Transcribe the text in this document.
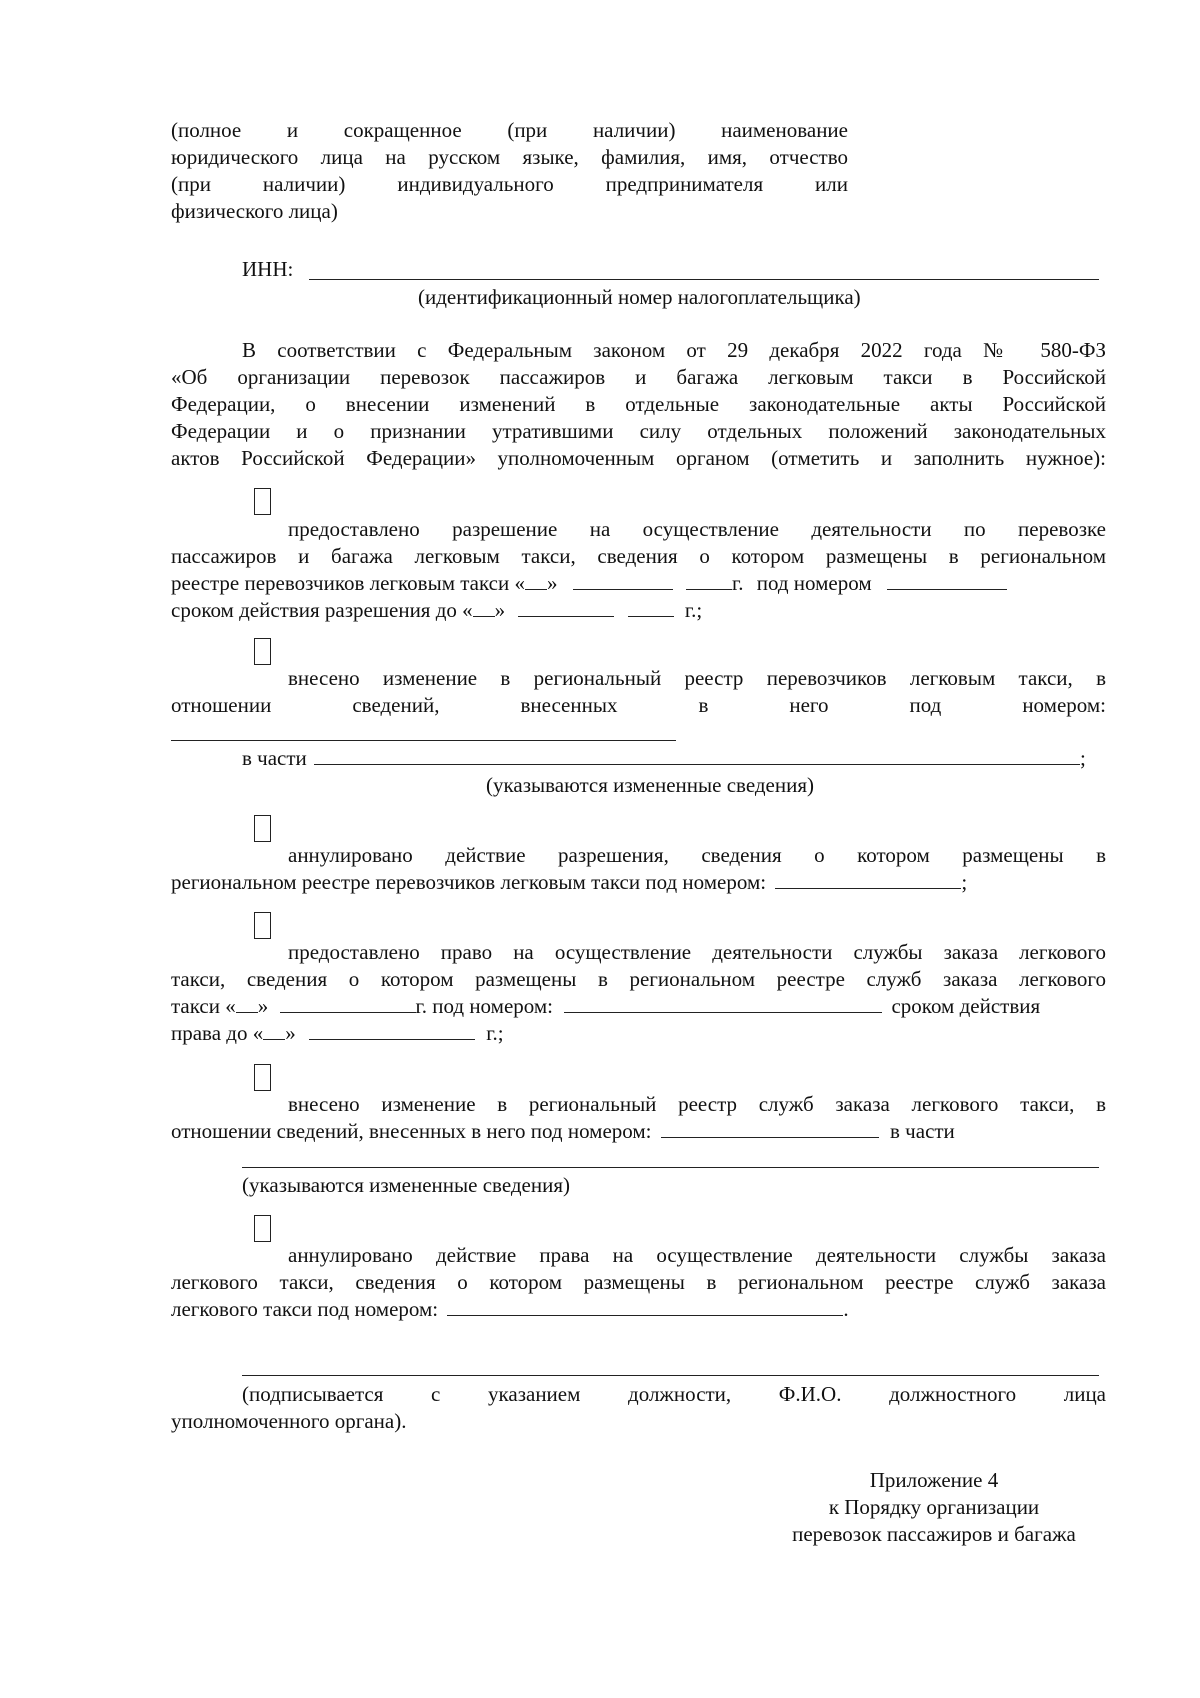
(полное и сокращенное (при наличии) наименование

юридического лица на русском языке, фамилия, имя, отчество

(при наличии) индивидуального предпринимателя или

физического лица)

ИНН:

(идентификационный номер налогоплательщика)

В соответствии с Федеральным законом от 29 декабря 2022 года № 580-ФЗ

«Об организации перевозок пассажиров и багажа легковым такси в Российской

Федерации, о внесении изменений в отдельные законодательные акты Российской

Федерации и о признании утратившими силу отдельных положений законодательных

актов Российской Федерации» уполномоченным органом (отметить и заполнить нужное):

предоставлено разрешение на осуществление деятельности по перевозке

пассажиров и багажа легковым такси, сведения о котором размещены в региональном

реестре перевозчиков легковым такси « »	г. под номером

сроком действия разрешения до « »	г.;

внесено изменение в региональный реестр перевозчиков легковым такси, в

отношении сведений, внесенных в него под номером:

в части	;

(указываются измененные сведения)

аннулировано действие разрешения, сведения о котором размещены в

региональном реестре перевозчиков легковым такси под номером:	;

предоставлено право на осуществление деятельности службы заказа легкового

такси, сведения о котором размещены в региональном реестре служб заказа легкового

такси « »	г. под номером:	сроком действия

права до « »	г.;

внесено изменение в региональный реестр служб заказа легкового такси, в

отношении сведений, внесенных в него под номером:	в части

(указываются измененные сведения)

аннулировано действие права на осуществление деятельности службы заказа

легкового такси, сведения о котором размещены в региональном реестре служб заказа

легкового такси под номером:	.

(подписывается с указанием должности, Ф.И.О. должностного лица

уполномоченного органа).

Приложение 4

к Порядку организации

перевозок пассажиров и багажа
